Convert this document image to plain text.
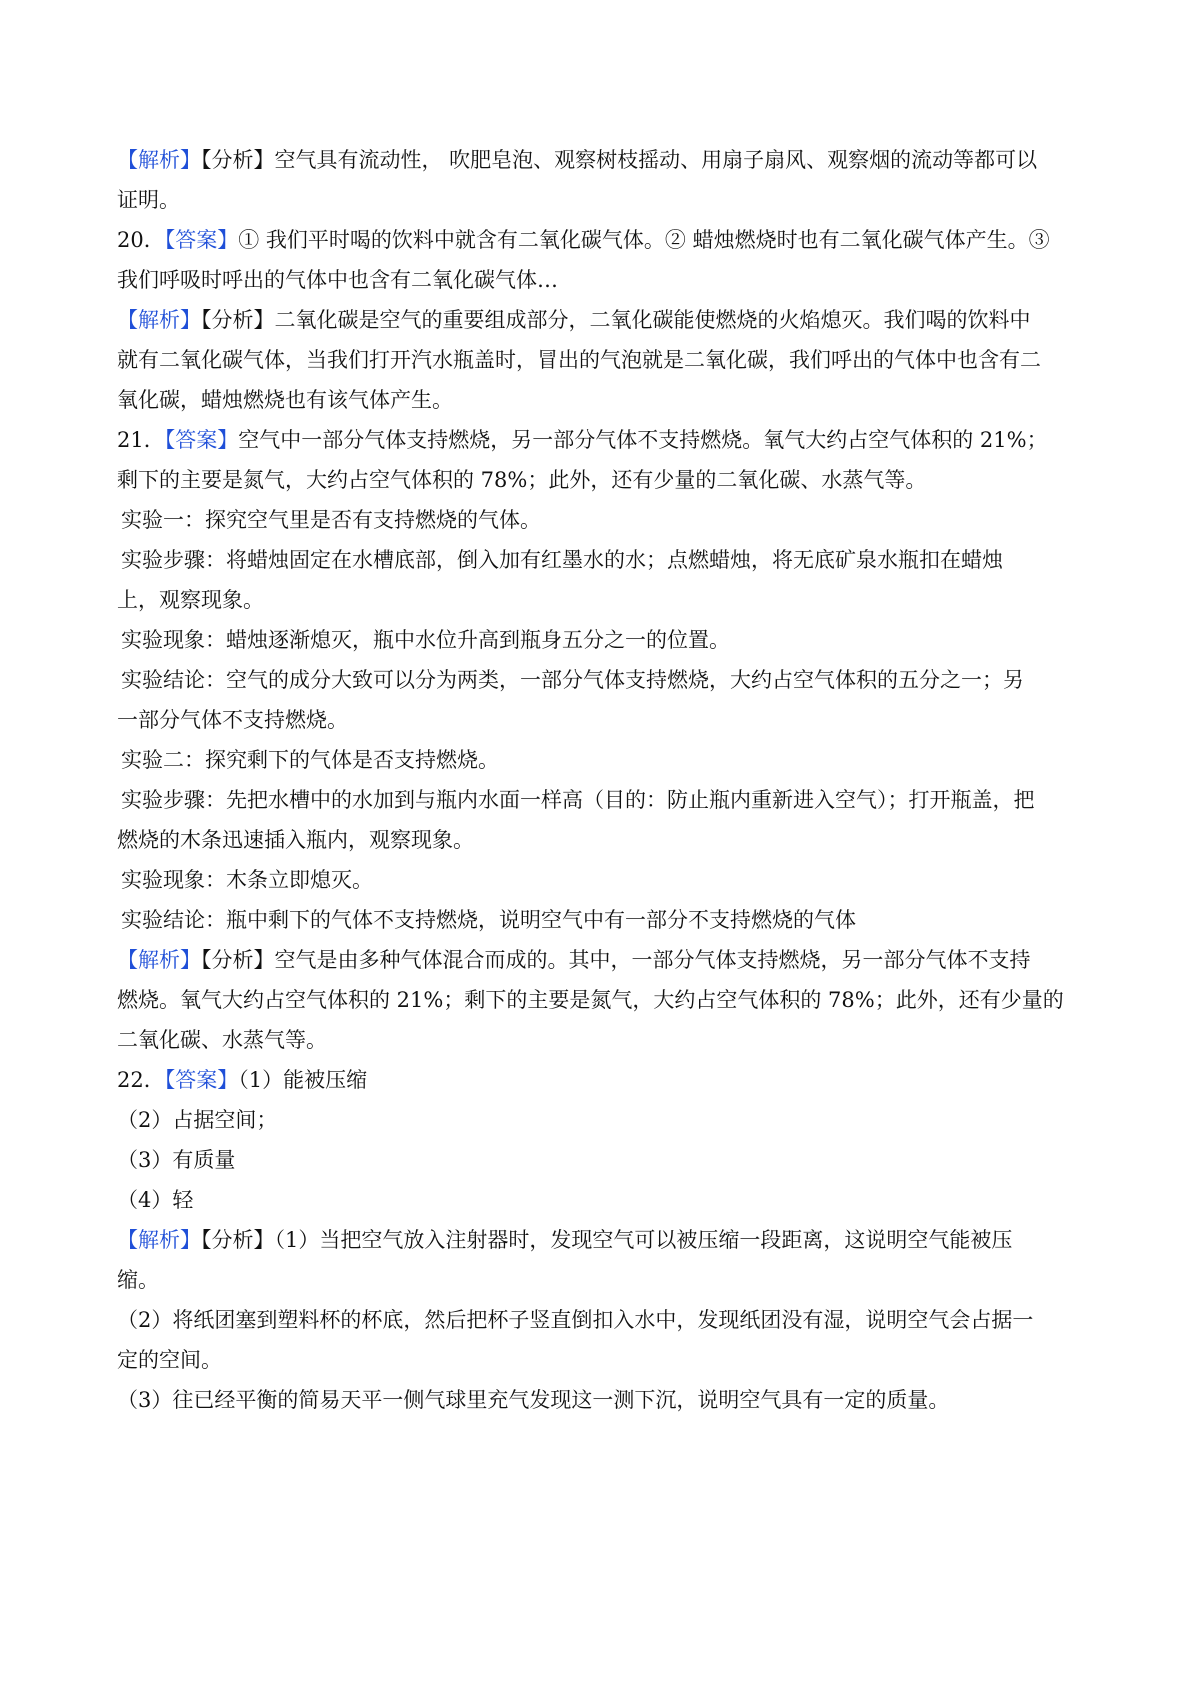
【解析】【分析】空气具有流动性， 吹肥皂泡、观察树枝摇动、用扇子扇风、观察烟的流动等都可以
证明。
20．【答案】① 我们平时喝的饮料中就含有二氧化碳气体。② 蜡烛燃烧时也有二氧化碳气体产生。③
我们呼吸时呼出的气体中也含有二氧化碳气体…
【解析】【分析】二氧化碳是空气的重要组成部分，二氧化碳能使燃烧的火焰熄灭。我们喝的饮料中
就有二氧化碳气体，当我们打开汽水瓶盖时，冒出的气泡就是二氧化碳，我们呼出的气体中也含有二
氧化碳，蜡烛燃烧也有该气体产生。
21．【答案】空气中一部分气体支持燃烧，另一部分气体不支持燃烧。氧气大约占空气体积的 21%；
剩下的主要是氮气，大约占空气体积的 78%；此外，还有少量的二氧化碳、水蒸气等。
实验一：探究空气里是否有支持燃烧的气体。
实验步骤：将蜡烛固定在水槽底部，倒入加有红墨水的水；点燃蜡烛，将无底矿泉水瓶扣在蜡烛
上，观察现象。
实验现象：蜡烛逐渐熄灭，瓶中水位升高到瓶身五分之一的位置。
实验结论：空气的成分大致可以分为两类，一部分气体支持燃烧，大约占空气体积的五分之一；另
一部分气体不支持燃烧。
实验二：探究剩下的气体是否支持燃烧。
实验步骤：先把水槽中的水加到与瓶内水面一样高（目的：防止瓶内重新进入空气）；打开瓶盖，把
燃烧的木条迅速插入瓶内，观察现象。
实验现象：木条立即熄灭。
实验结论：瓶中剩下的气体不支持燃烧，说明空气中有一部分不支持燃烧的气体
【解析】【分析】空气是由多种气体混合而成的。其中，一部分气体支持燃烧，另一部分气体不支持
燃烧。氧气大约占空气体积的 21%；剩下的主要是氮气，大约占空气体积的 78%；此外，还有少量的
二氧化碳、水蒸气等。
22．【答案】（1）能被压缩
（2）占据空间；
（3）有质量
（4）轻
【解析】【分析】（1）当把空气放入注射器时，发现空气可以被压缩一段距离，这说明空气能被压
缩。
（2）将纸团塞到塑料杯的杯底，然后把杯子竖直倒扣入水中，发现纸团没有湿，说明空气会占据一
定的空间。
（3）往已经平衡的简易天平一侧气球里充气发现这一测下沉，说明空气具有一定的质量。
